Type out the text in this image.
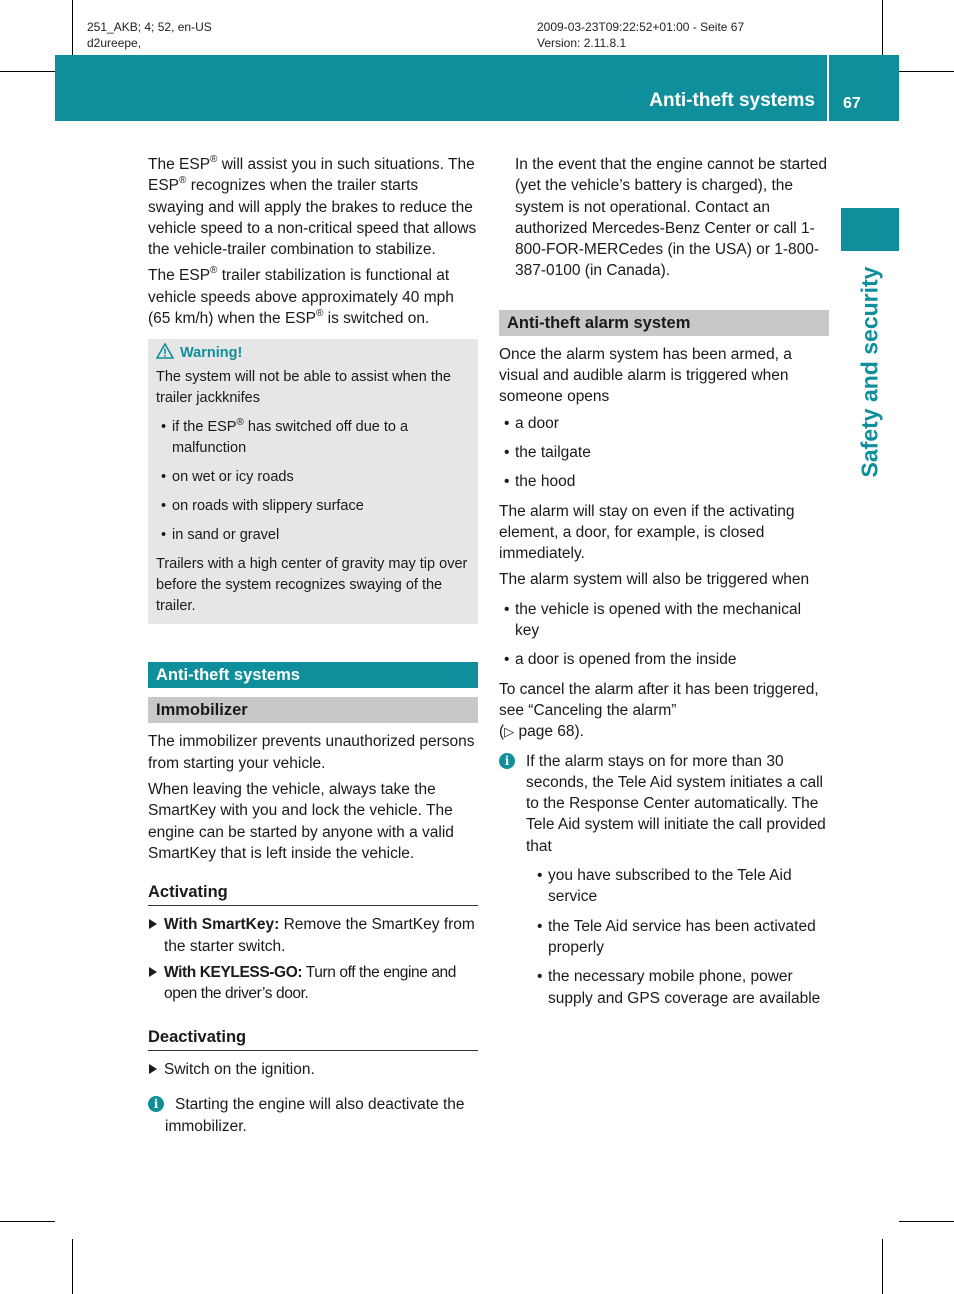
251_AKB; 4; 52, en-US
d2ureepe,
2009-03-23T09:22:52+01:00 - Seite 67
Version: 2.11.8.1
Anti-theft systems 67
Safety and security

The ESP® will assist you in such situations. The ESP® recognizes when the trailer starts swaying and will apply the brakes to reduce the vehicle speed to a non-critical speed that allows the vehicle-trailer combination to stabilize.

The ESP® trailer stabilization is functional at vehicle speeds above approximately 40 mph (65 km/h) when the ESP® is switched on.

Warning!

The system will not be able to assist when the trailer jackknifes

• if the ESP® has switched off due to a malfunction
• on wet or icy roads
• on roads with slippery surface
• in sand or gravel

Trailers with a high center of gravity may tip over before the system recognizes swaying of the trailer.

Anti-theft systems
Immobilizer

The immobilizer prevents unauthorized persons from starting your vehicle.

When leaving the vehicle, always take the SmartKey with you and lock the vehicle. The engine can be started by anyone with a valid SmartKey that is left inside the vehicle.

Activating
With SmartKey: Remove the SmartKey from the starter switch.
With KEYLESS-GO: Turn off the engine and open the driver’s door.
Deactivating
Switch on the ignition.
i	Starting the engine will also deactivate the immobilizer.

In the event that the engine cannot be started (yet the vehicle’s battery is charged), the system is not operational. Contact an authorized Mercedes-Benz Center or call 1-800-FOR-MERCedes (in the USA) or 1-800-387-0100 (in Canada).

Anti-theft alarm system

Once the alarm system has been armed, a visual and audible alarm is triggered when someone opens

• a door
• the tailgate
• the hood

The alarm will stay on even if the activating element, a door, for example, is closed immediately.

The alarm system will also be triggered when

• the vehicle is opened with the mechanical key
• a door is opened from the inside

To cancel the alarm after it has been triggered, see “Canceling the alarm”
(▷ page 68).

i	If the alarm stays on for more than 30 seconds, the Tele Aid system initiates a call to the Response Center automatically. The Tele Aid system will initiate the call provided that

• you have subscribed to the Tele Aid service
• the Tele Aid service has been activated properly
• the necessary mobile phone, power supply and GPS coverage are available
